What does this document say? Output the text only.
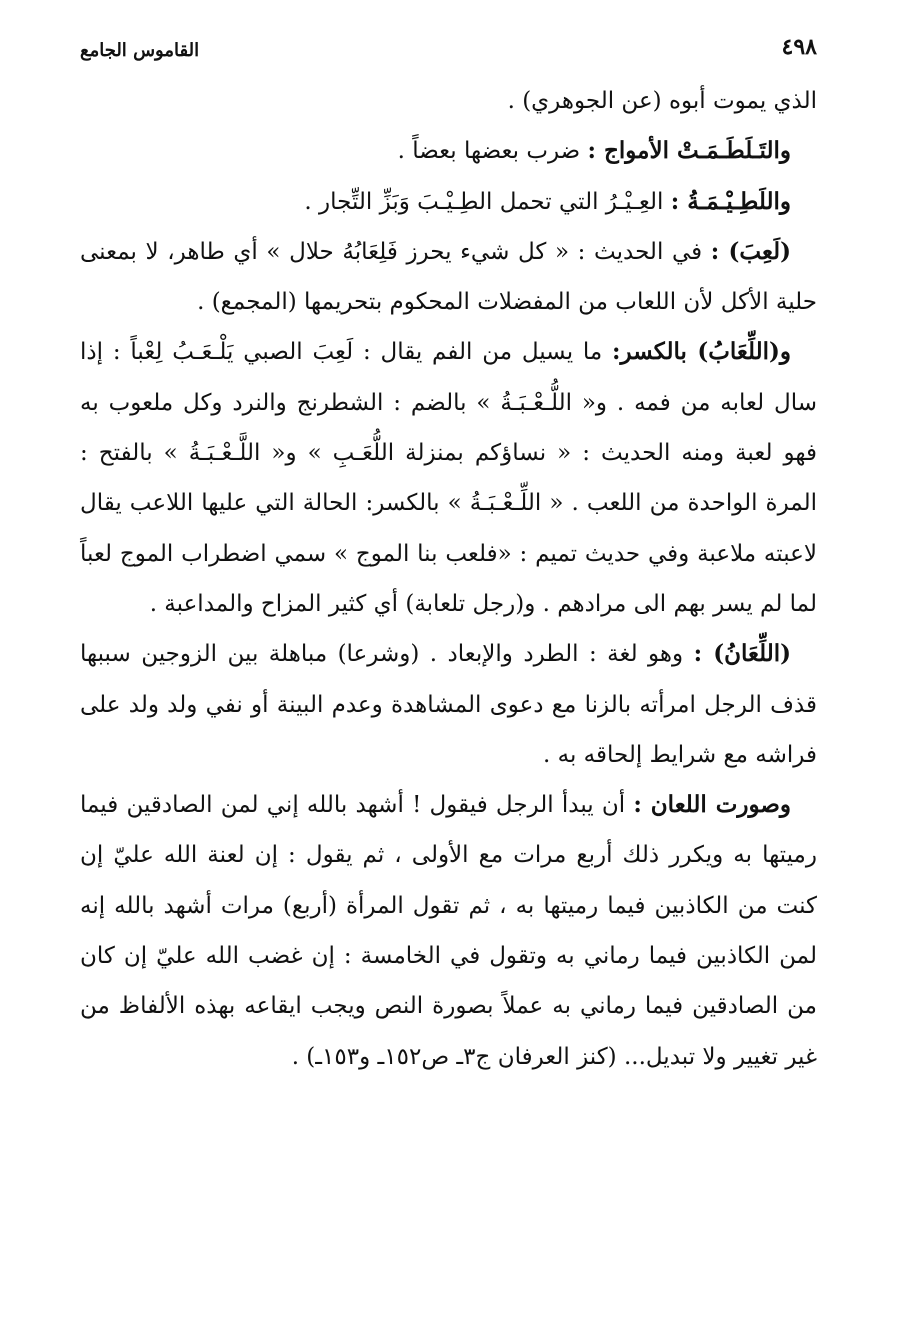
٤٩٨
القاموس الجامع

الذي يموت أبوه (عن الجوهري) .

والتَـلَطَـمَـتْ الأمواج : ضرب بعضها بعضاً .

واللَطِـيْـمَـةُ : العِـيْـرُ التي تحمل الطِـيْـبَ وَبَزِّ التِّجار .

(لَعِبَ) : في الحديث : « كل شيء يحرز فَلِعَابُهُ حلال » أي طاهر، لا بمعنى حلية الأكل لأن اللعاب من المفضلات المحكوم بتحريمها (المجمع) .

و(اللِّعَابُ) بالكسر: ما يسيل من الفم يقال : لَعِبَ الصبي يَلْـعَـبُ لِعْباً : إذا سال لعابه من فمه . و« اللُّـعْـبَـةُ » بالضم : الشطرنج والنرد وكل ملعوب به فهو لعبة ومنه الحديث : « نساؤكم بمنزلة اللُّعَـبِ » و« اللَّـعْـبَـةُ » بالفتح : المرة الواحدة من اللعب . « اللِّـعْـبَـةُ » بالكسر: الحالة التي عليها اللاعب يقال لاعبته ملاعبة وفي حديث تميم : «فلعب بنا الموج » سمي اضطراب الموج لعباً لما لم يسر بهم الى مرادهم . و(رجل تلعابة) أي كثير المزاح والمداعبة .

(اللِّعَانُ) : وهو لغة : الطرد والإبعاد . (وشرعا) مباهلة بين الزوجين سببها قذف الرجل امرأته بالزنا مع دعوى المشاهدة وعدم البينة أو نفي ولد ولد على فراشه مع شرايط إلحاقه به .

وصورت اللعان : أن يبدأ الرجل فيقول ! أشهد بالله إني لمن الصادقين فيما رميتها به ويكرر ذلك أربع مرات مع الأولى ، ثم يقول : إن لعنة الله عليّ إن كنت من الكاذبين فيما رميتها به ، ثم تقول المرأة (أربع) مرات أشهد بالله إنه لمن الكاذبين فيما رماني به وتقول في الخامسة : إن غضب الله عليّ إن كان من الصادقين فيما رماني به عملاً بصورة النص ويجب ايقاعه بهذه الألفاظ من غير تغيير ولا تبديل... (كنز العرفان ج٣ـ ص١٥٢ـ و١٥٣ـ) .
